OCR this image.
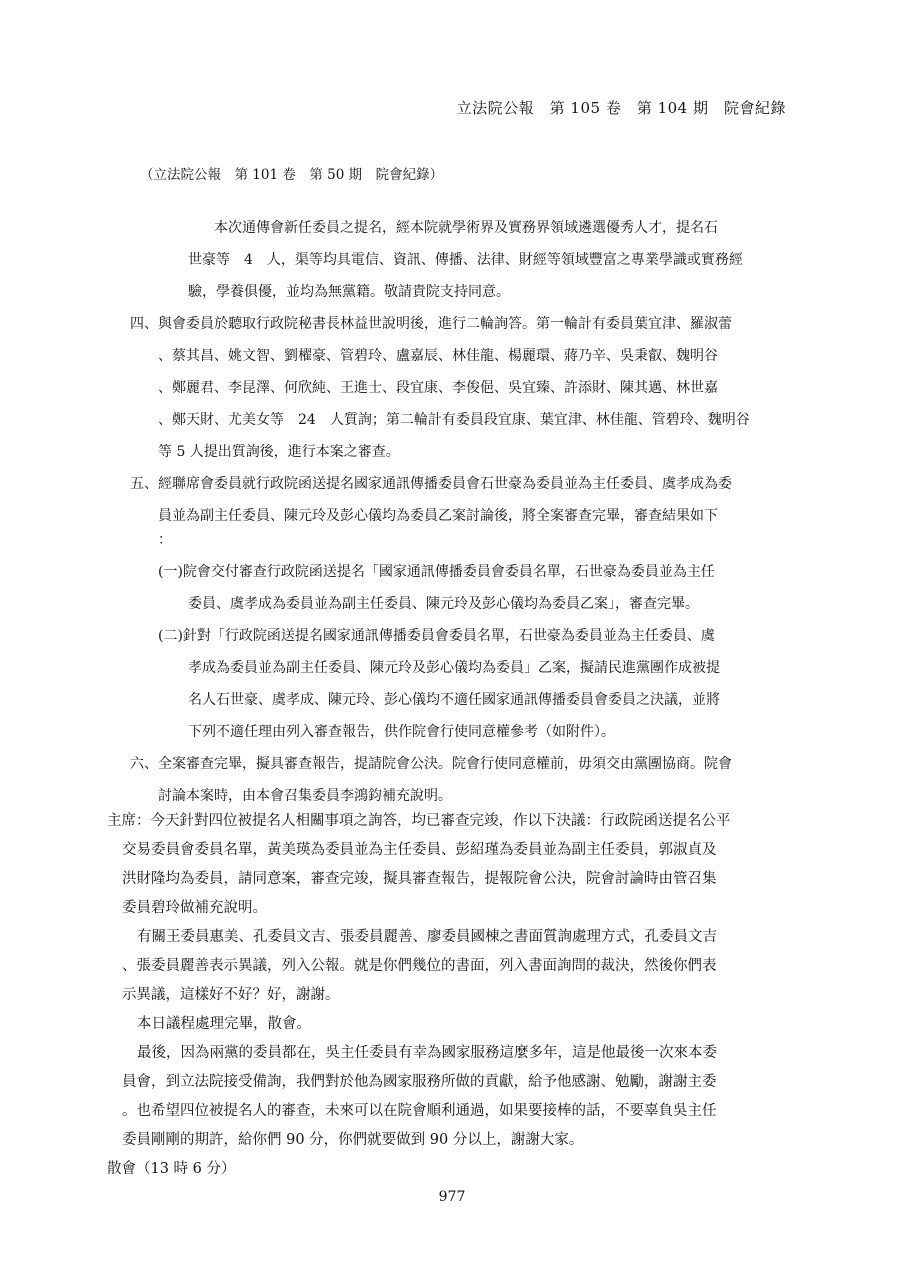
立法院公報　第 105 卷　第 104 期　院會紀錄
（立法院公報　第 101 卷　第 50 期　院會紀錄）
本次通傳會新任委員之提名，經本院就學術界及實務界領域遴選優秀人才，提名石
世豪等　4　人，渠等均具電信、資訊、傳播、法律、財經等領域豐富之專業學識或實務經
驗，學養俱優，並均為無黨籍。敬請貴院支持同意。
四、與會委員於聽取行政院秘書長林益世說明後，進行二輪詢答。第一輪計有委員葉宜津、羅淑蕾
、蔡其昌、姚文智、劉櫂豪、管碧玲、盧嘉辰、林佳龍、楊麗環、蔣乃辛、吳秉叡、魏明谷
、鄭麗君、李昆澤、何欣純、王進士、段宜康、李俊俋、吳宜臻、許添財、陳其邁、林世嘉
、鄭天財、尤美女等　24　人質詢；第二輪計有委員段宜康、葉宜津、林佳龍、管碧玲、魏明谷
等 5 人提出質詢後，進行本案之審查。
五、經聯席會委員就行政院函送提名國家通訊傳播委員會石世豪為委員並為主任委員、虞孝成為委
員並為副主任委員、陳元玲及彭心儀均為委員乙案討論後，將全案審查完畢，審查結果如下
：
(一)院會交付審查行政院函送提名「國家通訊傳播委員會委員名單，石世豪為委員並為主任
委員、虞孝成為委員並為副主任委員、陳元玲及彭心儀均為委員乙案」，審查完畢。
(二)針對「行政院函送提名國家通訊傳播委員會委員名單，石世豪為委員並為主任委員、虞
孝成為委員並為副主任委員、陳元玲及彭心儀均為委員」乙案，擬請民進黨團作成被提
名人石世豪、虞孝成、陳元玲、彭心儀均不適任國家通訊傳播委員會委員之決議，並將
下列不適任理由列入審查報告，供作院會行使同意權參考（如附件）。
六、全案審查完畢，擬具審查報告，提請院會公決。院會行使同意權前，毋須交由黨團協商。院會
討論本案時，由本會召集委員李鴻鈞補充說明。
主席：今天針對四位被提名人相關事項之詢答，均已審查完竣，作以下決議：行政院函送提名公平
交易委員會委員名單，黃美瑛為委員並為主任委員、彭紹瑾為委員並為副主任委員，郭淑貞及
洪財隆均為委員，請同意案，審查完竣，擬具審查報告，提報院會公決，院會討論時由管召集
委員碧玲做補充說明。
有關王委員惠美、孔委員文吉、張委員麗善、廖委員國棟之書面質詢處理方式，孔委員文吉
、張委員麗善表示異議，列入公報。就是你們幾位的書面，列入書面詢問的裁決，然後你們表
示異議，這樣好不好？好，謝謝。
本日議程處理完畢，散會。
最後，因為兩黨的委員都在，吳主任委員有幸為國家服務這麼多年，這是他最後一次來本委
員會，到立法院接受備詢，我們對於他為國家服務所做的貢獻，給予他感謝、勉勵，謝謝主委
。也希望四位被提名人的審查，未來可以在院會順利通過，如果要接棒的話，不要辜負吳主任
委員剛剛的期許，給你們 90 分，你們就要做到 90 分以上，謝謝大家。
977
散會（13 時 6 分）
